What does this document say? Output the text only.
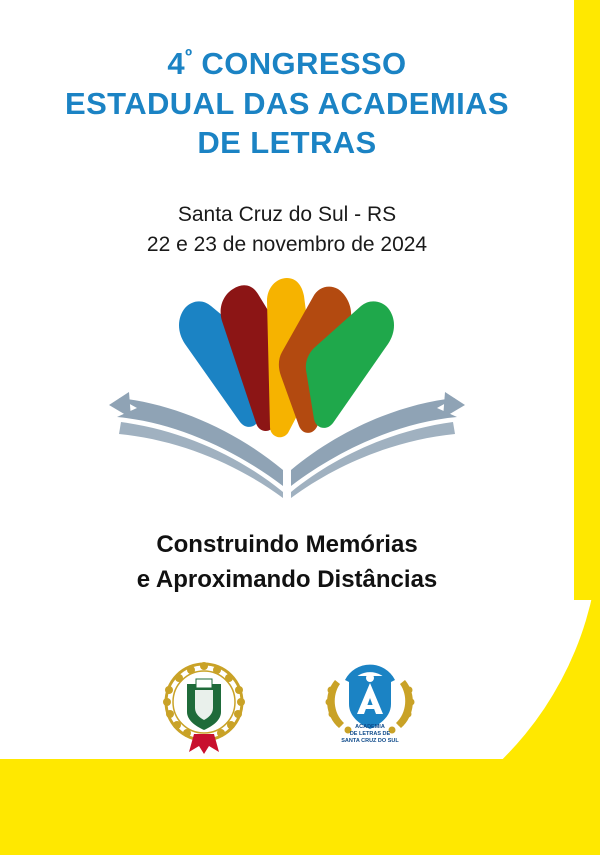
$4^º$ CONGRESSO
ESTADUAL DAS ACADEMIAS
DE LETRAS
Santa Cruz do Sul - RS
22 e 23 de novembro de 2024
Construindo Memórias
e Aproximando Distâncias
ACADEMIA
DE LETRAS DE
SANTA CRUZ DO SUL
